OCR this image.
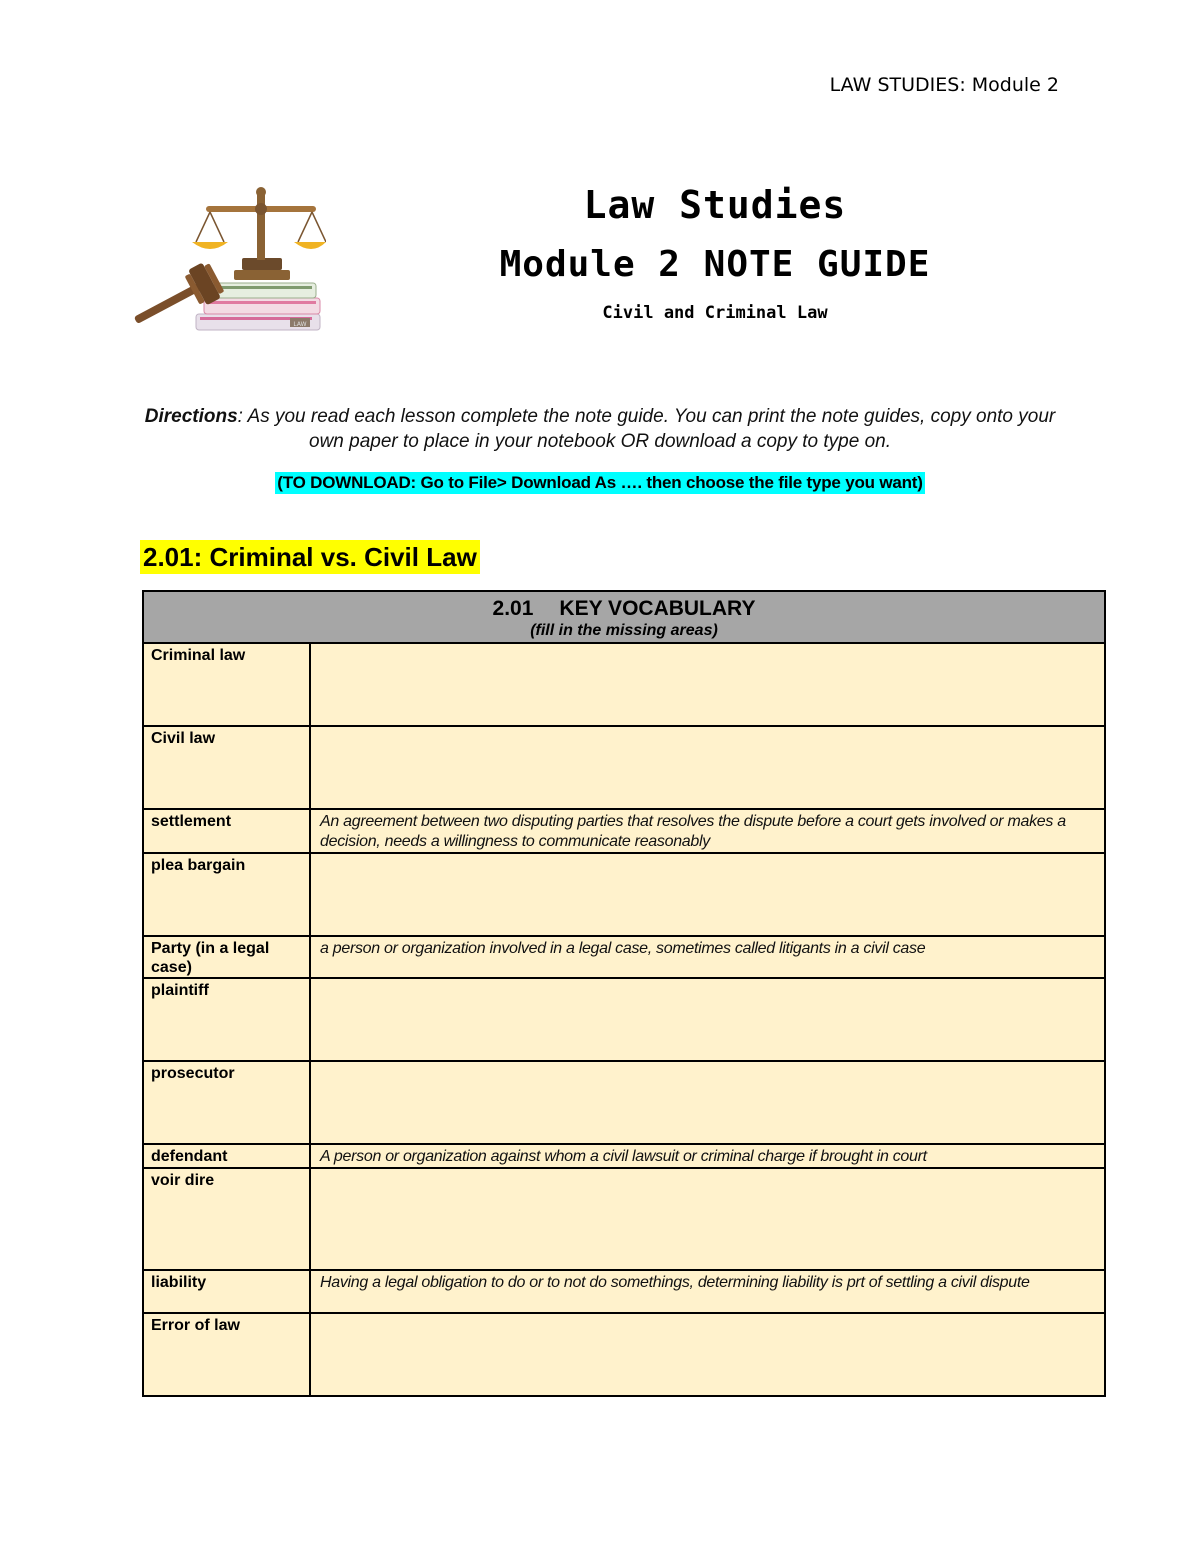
LAW STUDIES: Module 2
LAW
Law Studies
Module 2 NOTE GUIDE
Civil and Criminal Law
Directions: As you read each lesson complete the note guide. You can print the note guides, copy onto your own paper to place in your notebook OR download a copy to type on.
(TO DOWNLOAD: Go to File> Download As …. then choose the file type you want)
2.01: Criminal vs. Civil Law
2.01 KEY VOCABULARY
(fill in the missing areas)	

Criminal law	
Civil law	
settlement	An agreement between two disputing parties that resolves the dispute before a court gets involved or makes a decision, needs a willingness to communicate reasonably
plea bargain	
Party (in a legal case)	a person or organization involved in a legal case, sometimes called litigants in a civil case
plaintiff	
prosecutor	
defendant	A person or organization against whom a civil lawsuit or criminal charge if brought in court
voir dire	
liability	Having a legal obligation to do or to not do somethings, determining liability is prt of settling a civil dispute
Error of law	
